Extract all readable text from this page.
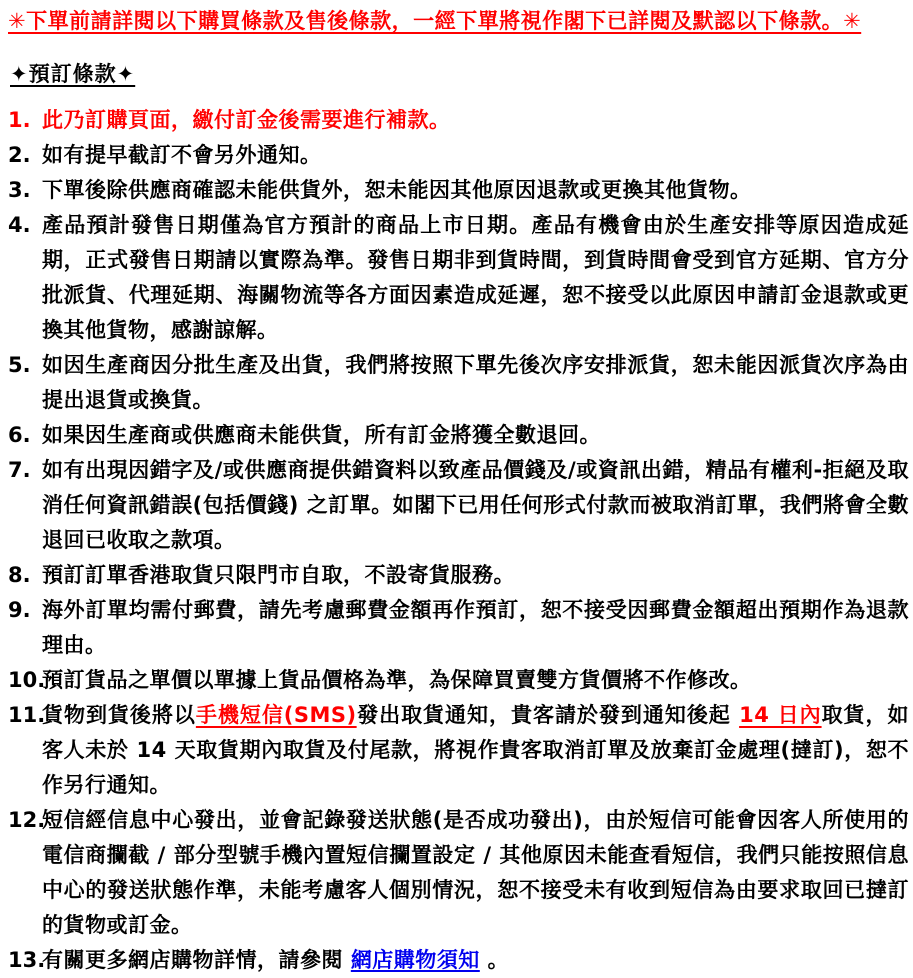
✳下單前請詳閱以下購買條款及售後條款，一經下單將視作閣下已詳閱及默認以下條款。✳

✦預訂條款✦
1. 此乃訂購頁面，繳付訂金後需要進行補款。
2. 如有提早截訂不會另外通知。
3. 下單後除供應商確認未能供貨外，恕未能因其他原因退款或更換其他貨物。
4. 產品預計發售日期僅為官方預計的商品上市日期。產品有機會由於生產安排等原因造成延期，正式發售日期請以實際為準。發售日期非到貨時間，到貨時間會受到官方延期、官方分批派貨、代理延期、海關物流等各方面因素造成延遲，恕不接受以此原因申請訂金退款或更換其他貨物，感謝諒解。
5. 如因生產商因分批生產及出貨，我們將按照下單先後次序安排派貨，恕未能因派貨次序為由提出退貨或換貨。
6. 如果因生產商或供應商未能供貨，所有訂金將獲全數退回。
7. 如有出現因錯字及/或供應商提供錯資料以致產品價錢及/或資訊出錯，精品有權利-拒絕及取消任何資訊錯誤(包括價錢) 之訂單。如閣下已用任何形式付款而被取消訂單，我們將會全數退回已收取之款項。
8. 預訂訂單香港取貨只限門市自取，不設寄貨服務。
9. 海外訂單均需付郵費，請先考慮郵費金額再作預訂，恕不接受因郵費金額超出預期作為退款理由。
10.
預訂貨品之單價以單據上貨品價格為準，為保障買賣雙方貨價將不作修改。
11.
貨物到貨後將以手機短信(SMS)發出取貨通知，貴客請於發到通知後起 14 日內取貨，如客人未於 14 天取貨期內取貨及付尾款，將視作貴客取消訂單及放棄訂金處理(撻訂)，恕不作另行通知。
12.
短信經信息中心發出，並會記錄發送狀態(是否成功發出)，由於短信可能會因客人所使用的電信商攔截 / 部分型號手機內置短信攔置設定 / 其他原因未能查看短信，我們只能按照信息中心的發送狀態作準，未能考慮客人個別情況，恕不接受未有收到短信為由要求取回已撻訂的貨物或訂金。
13.
有關更多網店購物詳情，請參閱 網店購物須知 。
